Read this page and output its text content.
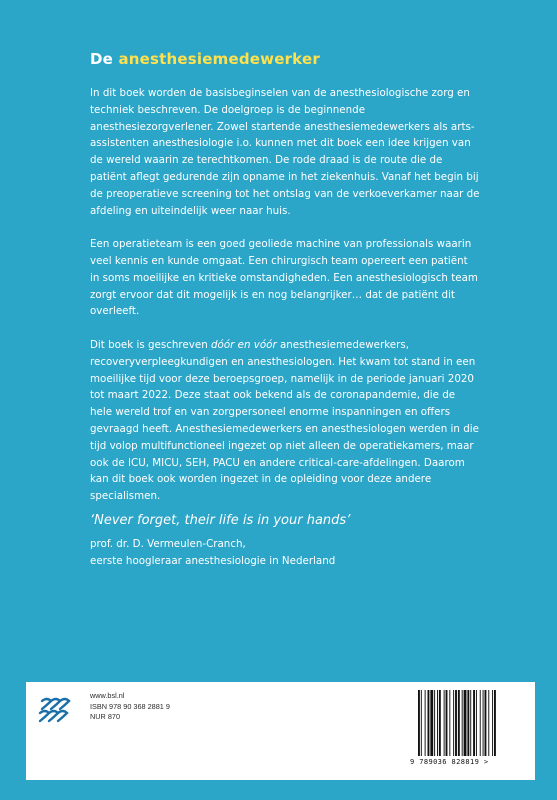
De anesthesiemedewerker

In dit boek worden de basisbeginselen van de anesthesiologische zorg en techniek beschreven. De doelgroep is de beginnende anesthesiezorgverlener. Zowel startende anesthesiemedewerkers als arts-assistenten anesthesiologie i.o. kunnen met dit boek een idee krijgen van de wereld waarin ze terechtkomen. De rode draad is de route die de patiënt aflegt gedurende zijn opname in het ziekenhuis. Vanaf het begin bij de preoperatieve screening tot het ontslag van de verkoeverkamer naar de afdeling en uiteindelijk weer naar huis.

Een operatieteam is een goed geoliede machine van professionals waarin veel kennis en kunde omgaat. Een chirurgisch team opereert een patiënt in soms moeilijke en kritieke omstandigheden. Een anesthesiologisch team zorgt ervoor dat dit mogelijk is en nog belangrijker… dat de patiënt dit overleeft.

Dit boek is geschreven dóór en vóór anesthesiemedewerkers, recoveryverpleegkundigen en anesthesiologen. Het kwam tot stand in een moeilijke tijd voor deze beroepsgroep, namelijk in de periode januari 2020 tot maart 2022. Deze staat ook bekend als de coronapandemie, die de hele wereld trof en van zorgpersoneel enorme inspanningen en offers gevraagd heeft. Anesthesiemedewerkers en anesthesiologen werden in die tijd volop multifunctioneel ingezet op niet alleen de operatiekamers, maar ook de ICU, MICU, SEH, PACU en andere critical-care-afdelingen. Daarom kan dit boek ook worden ingezet in de opleiding voor deze andere specialismen.

‘Never forget, their life is in your hands’
prof. dr. D. Vermeulen-Cranch,
eerste hoogleraar anesthesiologie in Nederland
www.bsl.nl
ISBN 978 90 368 2881 9
NUR 870
9 789036 828819 >
